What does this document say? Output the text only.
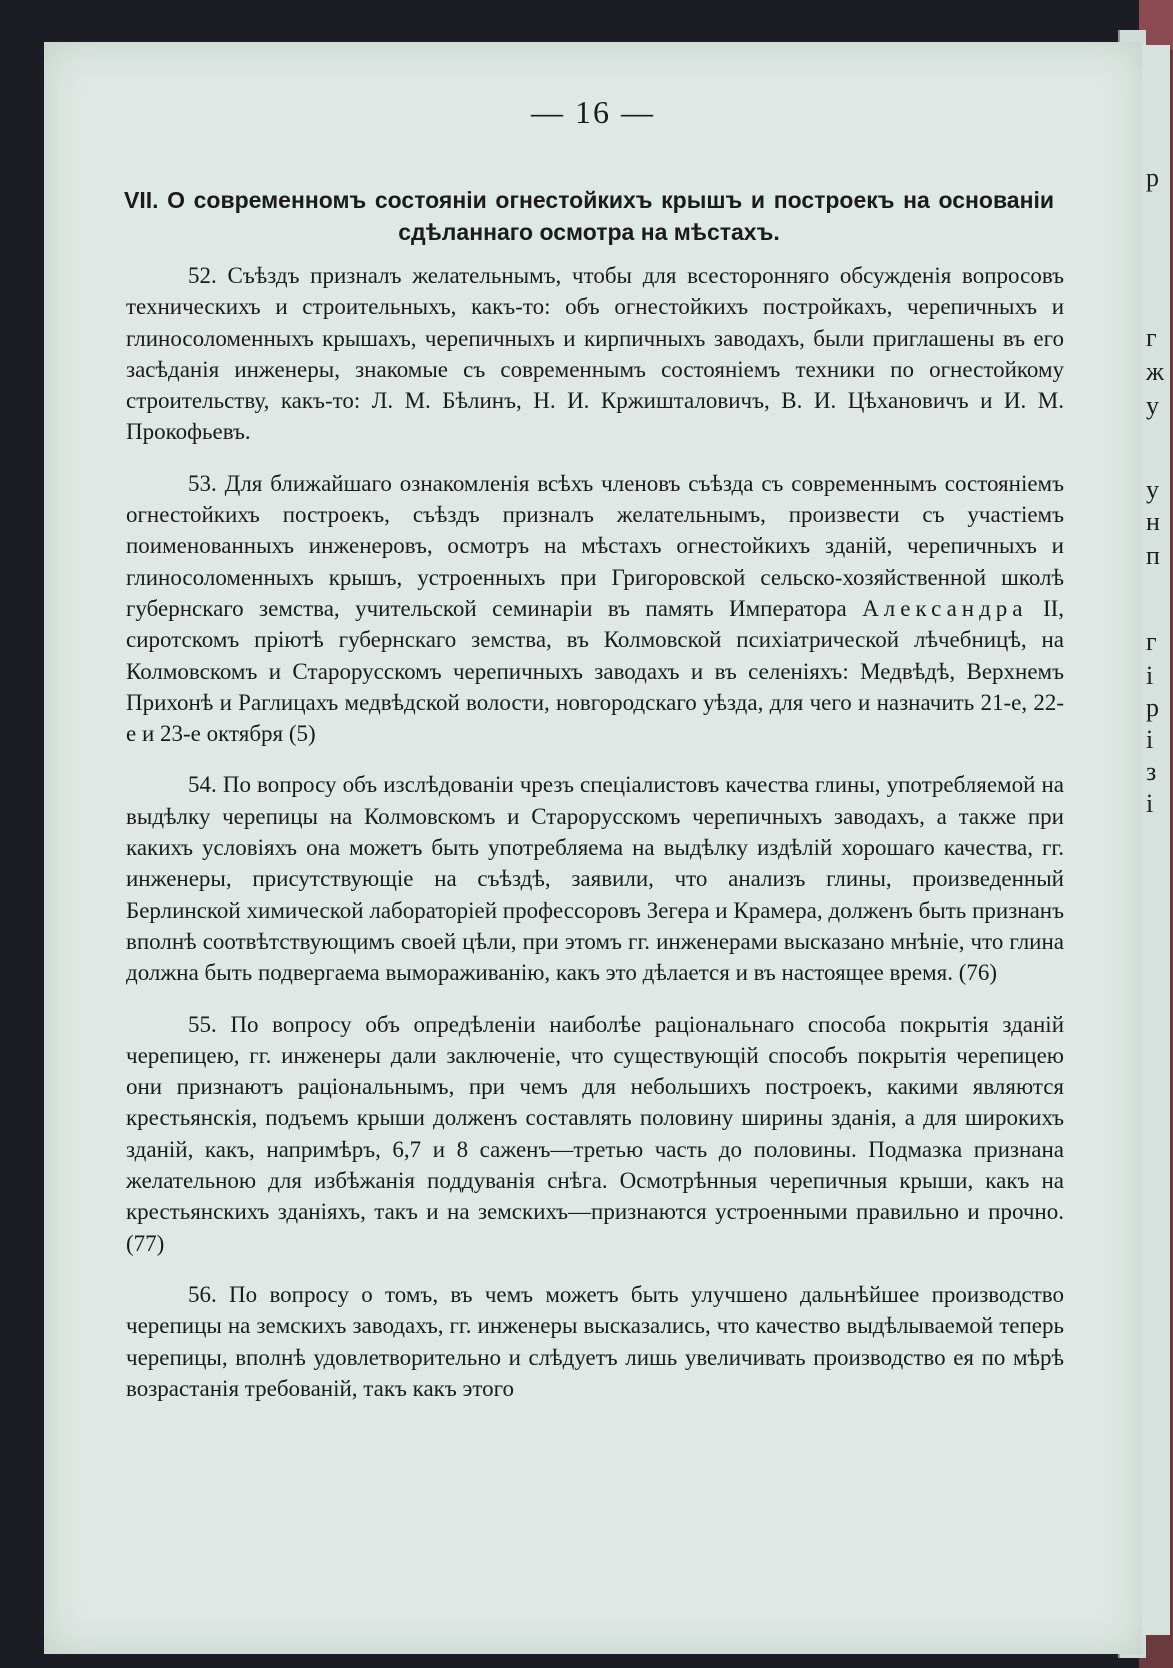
р
г
ж
у
у
н
п
г
і
р
і
з
і
— 16 —
VII. О современномъ состояніи огнестойкихъ крышъ и построекъ на основаніи
сдѣланнаго осмотра на мѣстахъ.

52. Съѣздъ призналъ желательнымъ, чтобы для всесторонняго обсужденія вопросовъ техническихъ и строительныхъ, какъ-то: объ огнестойкихъ постройкахъ, черепичныхъ и глиносоломенныхъ крышахъ, черепичныхъ и кирпичныхъ заводахъ, были приглашены въ его засѣданія инженеры, знакомые съ современнымъ состояніемъ техники по огнестойкому строительству, какъ-то: Л. М. Бѣлинъ, Н. И. Кржишталовичъ, В. И. Цѣхановичъ и И. М. Прокофьевъ.

53. Для ближайшаго ознакомленія всѣхъ членовъ съѣзда съ современнымъ состояніемъ огнестойкихъ построекъ, съѣздъ призналъ желательнымъ, произвести съ участіемъ поименованныхъ инженеровъ, осмотръ на мѣстахъ огнестойкихъ зданій, черепичныхъ и глиносоломенныхъ крышъ, устроенныхъ при Григоровской сельско-хозяйственной школѣ губернскаго земства, учительской семинаріи въ память Императора Александра II, сиротскомъ пріютѣ губернскаго земства, въ Колмовской психіатрической лѣчебницѣ, на Колмовскомъ и Старорусскомъ черепичныхъ заводахъ и въ селеніяхъ: Медвѣдѣ, Верхнемъ Прихонѣ и Раглицахъ медвѣдской волости, новгородскаго уѣзда, для чего и назначить 21-е, 22-е и 23-е октября (5)

54. По вопросу объ изслѣдованіи чрезъ спеціалистовъ качества глины, употребляемой на выдѣлку черепицы на Колмовскомъ и Старорусскомъ черепичныхъ заводахъ, а также при какихъ условіяхъ она можетъ быть употребляема на выдѣлку издѣлій хорошаго качества, гг. инженеры, присутствующіе на съѣздѣ, заявили, что анализъ глины, произведенный Берлинской химической лабораторіей профессоровъ Зегера и Крамера, долженъ быть признанъ вполнѣ соотвѣтствующимъ своей цѣли, при этомъ гг. инженерами высказано мнѣніе, что глина должна быть подвергаема вымораживанію, какъ это дѣлается и въ настоящее время. (76)

55. По вопросу объ опредѣленіи наиболѣе раціональнаго способа покрытія зданій черепицею, гг. инженеры дали заключеніе, что существующій способъ покрытія черепицею они признаютъ раціональнымъ, при чемъ для небольшихъ построекъ, какими являются крестьянскія, подъемъ крыши долженъ составлять половину ширины зданія, а для широкихъ зданій, какъ, напримѣръ, 6,7 и 8 саженъ—третью часть до половины. Подмазка признана желательною для избѣжанія поддуванія снѣга. Осмотрѣнныя черепичныя крыши, какъ на крестьянскихъ зданіяхъ, такъ и на земскихъ—признаются устроенными правильно и прочно. (77)

56. По вопросу о томъ, въ чемъ можетъ быть улучшено дальнѣйшее производство черепицы на земскихъ заводахъ, гг. инженеры высказались, что качество выдѣлываемой теперь черепицы, вполнѣ удовлетворительно и слѣдуетъ лишь увеличивать производство ея по мѣрѣ возрастанія требованій, такъ какъ этого
